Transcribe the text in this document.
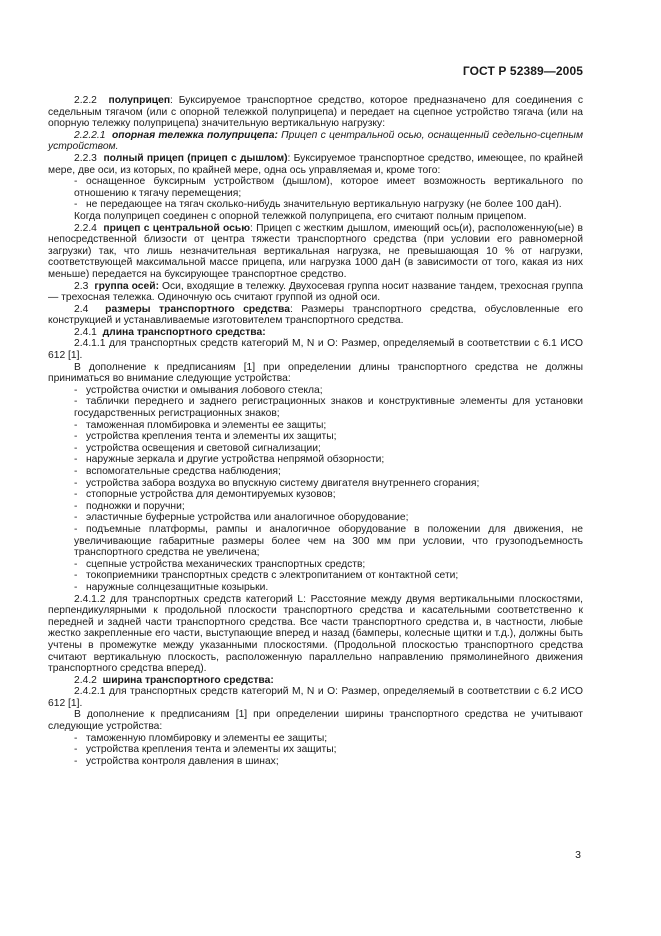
ГОСТ Р 52389—2005

2.2.2 полуприцеп: Буксируемое транспортное средство, которое предназначено для соединения с седельным тягачом (или с опорной тележкой полуприцепа) и передает на сцепное устройство тягача (или на опорную тележку полуприцепа) значительную вертикальную нагрузку:

2.2.2.1 опорная тележка полуприцепа: Прицеп с центральной осью, оснащенный седельно-сцепным устройством.

2.2.3 полный прицеп (прицеп с дышлом): Буксируемое транспортное средство, имеющее, по крайней мере, две оси, из которых, по крайней мере, одна ось управляемая и, кроме того:

- оснащенное буксирным устройством (дышлом), которое имеет возможность вертикального по отношению к тягачу перемещения;

- не передающее на тягач сколько-нибудь значительную вертикальную нагрузку (не более 100 даН).

Когда полуприцеп соединен с опорной тележкой полуприцепа, его считают полным прицепом.

2.2.4 прицеп с центральной осью: Прицеп с жестким дышлом, имеющий ось(и), расположенную(ые) в непосредственной близости от центра тяжести транспортного средства (при условии его равномерной загрузки) так, что лишь незначительная вертикальная нагрузка, не превышающая 10 % от нагрузки, соответствующей максимальной массе прицепа, или нагрузка 1000 даН (в зависимости от того, какая из них меньше) передается на буксирующее транспортное средство.

2.3 группа осей: Оси, входящие в тележку. Двухосевая группа носит название тандем, трехосная группа — трехосная тележка. Одиночную ось считают группой из одной оси.

2.4 размеры транспортного средства: Размеры транспортного средства, обусловленные его конструкцией и устанавливаемые изготовителем транспортного средства.

2.4.1 длина транспортного средства:

2.4.1.1 для транспортных средств категорий M, N и O: Размер, определяемый в соответствии с 6.1 ИСО 612 [1].

В дополнение к предписаниям [1] при определении длины транспортного средства не должны приниматься во внимание следующие устройства:

- устройства очистки и омывания лобового стекла;

- таблички переднего и заднего регистрационных знаков и конструктивные элементы для установки государственных регистрационных знаков;

- таможенная пломбировка и элементы ее защиты;

- устройства крепления тента и элементы их защиты;

- устройства освещения и световой сигнализации;

- наружные зеркала и другие устройства непрямой обзорности;

- вспомогательные средства наблюдения;

- устройства забора воздуха во впускную систему двигателя внутреннего сгорания;

- стопорные устройства для демонтируемых кузовов;

- подножки и поручни;

- эластичные буферные устройства или аналогичное оборудование;

- подъемные платформы, рампы и аналогичное оборудование в положении для движения, не увеличивающие габаритные размеры более чем на 300 мм при условии, что грузоподъемность транспортного средства не увеличена;

- сцепные устройства механических транспортных средств;

- токоприемники транспортных средств с электропитанием от контактной сети;

- наружные солнцезащитные козырьки.

2.4.1.2 для транспортных средств категорий L: Расстояние между двумя вертикальными плоскостями, перпендикулярными к продольной плоскости транспортного средства и касательными соответственно к передней и задней части транспортного средства. Все части транспортного средства и, в частности, любые жестко закрепленные его части, выступающие вперед и назад (бамперы, колесные щитки и т.д.), должны быть учтены в промежутке между указанными плоскостями. (Продольной плоскостью транспортного средства считают вертикальную плоскость, расположенную параллельно направлению прямолинейного движения транспортного средства вперед).

2.4.2 ширина транспортного средства:

2.4.2.1 для транспортных средств категорий M, N и O: Размер, определяемый в соответствии с 6.2 ИСО 612 [1].

В дополнение к предписаниям [1] при определении ширины транспортного средства не учитывают следующие устройства:

- таможенную пломбировку и элементы ее защиты;

- устройства крепления тента и элементы их защиты;

- устройства контроля давления в шинах;

3
